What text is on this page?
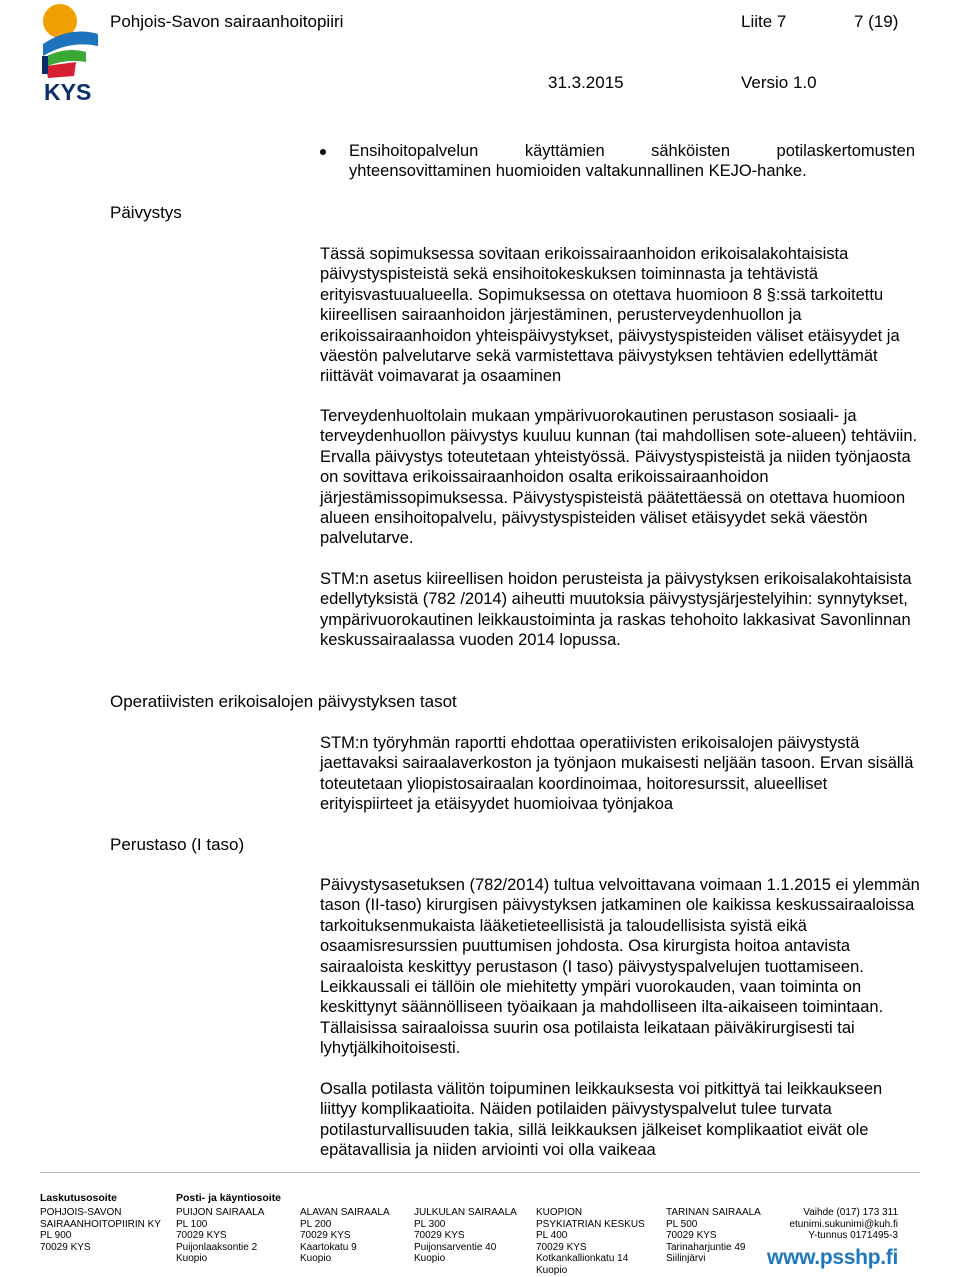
KYS
Pohjois-Savon sairaanhoitopiiri	Liite 7	7 (19)
31.3.2015	Versio 1.0
Ensihoitopalvelun käyttämien sähköisten potilaskertomusten
yhteensovittaminen huomioiden valtakunnallinen KEJO-hanke.
Päivystys
Tässä sopimuksessa sovitaan erikoissairaanhoidon erikoisalakohtaisista päivystyspisteistä sekä ensihoitokeskuksen toiminnasta ja tehtävistä erityisvastuualueella. Sopimuksessa on otettava huomioon 8 §:ssä tarkoitettu kiireellisen sairaanhoidon järjestäminen, perusterveydenhuollon ja erikoissairaanhoidon yhteispäivystykset, päivystyspisteiden väliset etäisyydet ja väestön palvelutarve sekä varmistettava päivystyksen tehtävien edellyttämät riittävät voimavarat ja osaaminen
Terveydenhuoltolain mukaan ympärivuorokautinen perustason sosiaali- ja terveydenhuollon päivystys kuuluu kunnan (tai mahdollisen sote-alueen) tehtäviin. Ervalla päivystys toteutetaan yhteistyössä. Päivystyspisteistä ja niiden työnjaosta on sovittava erikoissairaanhoidon osalta erikoissairaanhoidon järjestämissopimuksessa. Päivystyspisteistä päätettäessä on otettava huomioon alueen ensihoitopalvelu, päivystyspisteiden väliset etäisyydet sekä väestön palvelutarve.
STM:n asetus kiireellisen hoidon perusteista ja päivystyksen erikoisalakohtaisista edellytyksistä (782 /2014) aiheutti muutoksia päivystysjärjestelyihin: synnytykset, ympärivuorokautinen leikkaustoiminta ja raskas tehohoito lakkasivat Savonlinnan keskussairaalassa vuoden 2014 lopussa.
Operatiivisten erikoisalojen päivystyksen tasot
STM:n työryhmän raportti ehdottaa operatiivisten erikoisalojen päivystystä jaettavaksi sairaalaverkoston ja työnjaon mukaisesti neljään tasoon. Ervan sisällä toteutetaan yliopistosairaalan koordinoimaa, hoitoresurssit, alueelliset erityispiirteet ja etäisyydet huomioivaa työnjakoa
Perustaso (I taso)
Päivystysasetuksen (782/2014) tultua velvoittavana voimaan 1.1.2015 ei ylemmän tason (II-taso) kirurgisen päivystyksen jatkaminen ole kaikissa keskussairaaloissa tarkoituksenmukaista lääketieteellisistä ja taloudellisista syistä eikä osaamisresurssien puuttumisen johdosta. Osa kirurgista hoitoa antavista sairaaloista keskittyy perustason (I taso) päivystyspalvelujen tuottamiseen. Leikkaussali ei tällöin ole miehitetty ympäri vuorokauden, vaan toiminta on keskittynyt säännölliseen työaikaan ja mahdolliseen ilta-aikaiseen toimintaan. Tällaisissa sairaaloissa suurin osa potilaista leikataan päiväkirurgisesti tai lyhytjälkihoitoisesti.
Osalla potilasta välitön toipuminen leikkauksesta voi pitkittyä tai leikkaukseen liittyy komplikaatioita. Näiden potilaiden päivystyspalvelut tulee turvata potilasturvallisuuden takia, sillä leikkauksen jälkeiset komplikaatiot eivät ole epätavallisia ja niiden arviointi voi olla vaikeaa
Laskutusosoite
POHJOIS-SAVON
SAIRAANHOITOPIIRIN KY
PL 900
70029 KYS
Posti- ja käyntiosoite
PUIJON SAIRAALA
PL 100
70029 KYS
Puijonlaaksontie 2
Kuopio
ALAVAN SAIRAALA
PL 200
70029 KYS
Kaartokatu 9
Kuopio
JULKULAN SAIRAALA
PL 300
70029 KYS
Puijonsarventie 40
Kuopio
KUOPION
PSYKIATRIAN KESKUS
PL 400
70029 KYS
Kotkankallionkatu 14
Kuopio
TARINAN SAIRAALA
PL 500
70029 KYS
Tarinaharjuntie 49
Siilinjärvi
Vaihde (017) 173 311
etunimi.sukunimi@kuh.fi
Y-tunnus 0171495-3
www.psshp.fi
